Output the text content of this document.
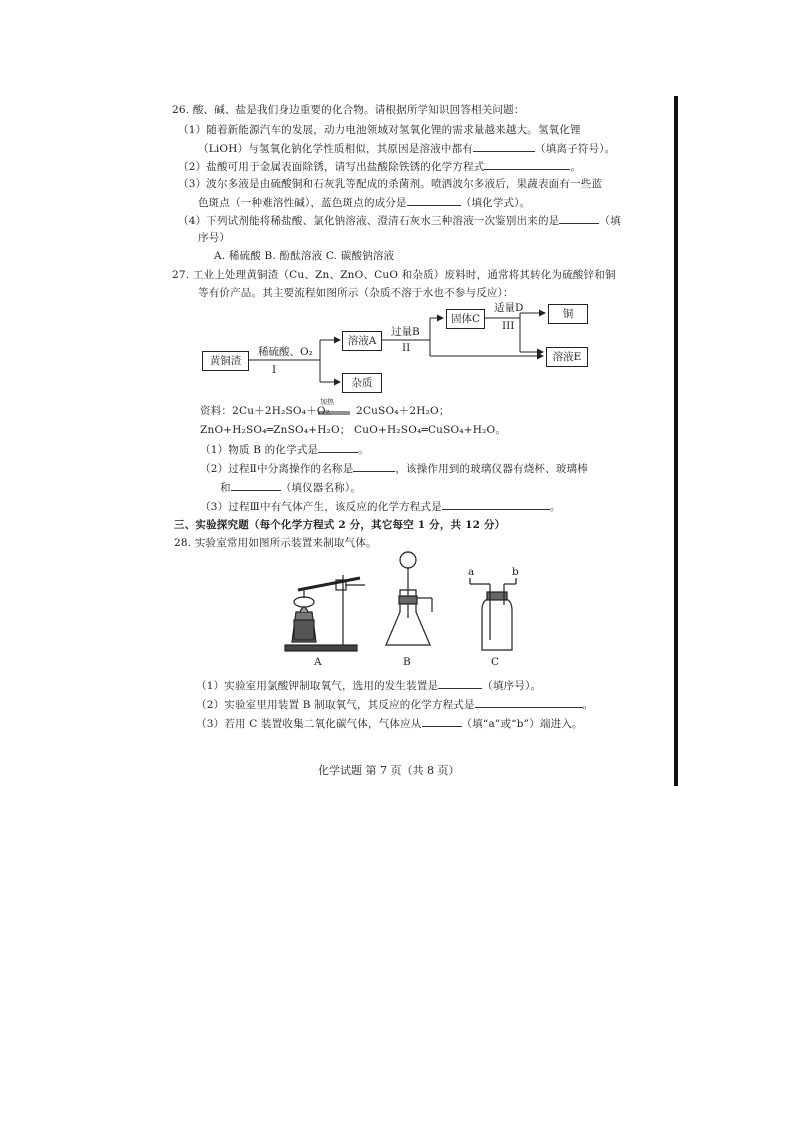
26. 酸、碱、盐是我们身边重要的化合物。请根据所学知识回答相关问题：
（1）随着新能源汽车的发展，动力电池领域对氢氧化锂的需求量越来越大。氢氧化锂
（LiOH）与氢氧化钠化学性质相似，其原因是溶液中都有	（填离子符号）。
（2）盐酸可用于金属表面除锈，请写出盐酸除铁锈的化学方程式	。
（3）波尔多液是由硫酸铜和石灰乳等配成的杀菌剂。喷洒波尔多液后，果蔬表面有一些蓝
色斑点（一种难溶性碱），蓝色斑点的成分是	（填化学式）。
（4）下列试剂能将稀盐酸、氯化钠溶液、澄清石灰水三种溶液一次鉴别出来的是	（填
序号）
A. 稀硫酸 B. 酚酞溶液 C. 碳酸钠溶液
27. 工业上处理黄铜渣（Cu、Zn、ZnO、CuO 和杂质）废料时，通常将其转化为硫酸锌和铜
等有价产品。其主要流程如图所示（杂质不溶于水也不参与反应）：
黄铜渣
溶液A
杂质
固体C	铜
溶液E
稀硫酸、O₂
I
过量B
II
适量D
III
资料：2Cu＋2H₂SO₄＋O₂
加热
2CuSO₄＋2H₂O；
ZnO+H₂SO₄═ZnSO₄+H₂O； CuO+H₂SO₄═CuSO₄+H₂O。
（1）物质 B 的化学式是	。
（2）过程Ⅱ中分离操作的名称是	，该操作用到的玻璃仪器有烧杯、玻璃棒
和	（填仪器名称）。
（3）过程Ⅲ中有气体产生，该反应的化学方程式是	。
三、实验探究题（每个化学方程式 2 分，其它每空 1 分，共 12 分）
28. 实验室常用如图所示装置来制取气体。
A	B	C
a	b
（1）实验室用氯酸钾制取氧气，选用的发生装置是	（填序号）。
（2）实验室里用装置 B 制取氧气，其反应的化学方程式是	。
（3）若用 C 装置收集二氧化碳气体，气体应从	（填“a”或“b”）端进入。
化学试题 第 7 页（共 8 页）
